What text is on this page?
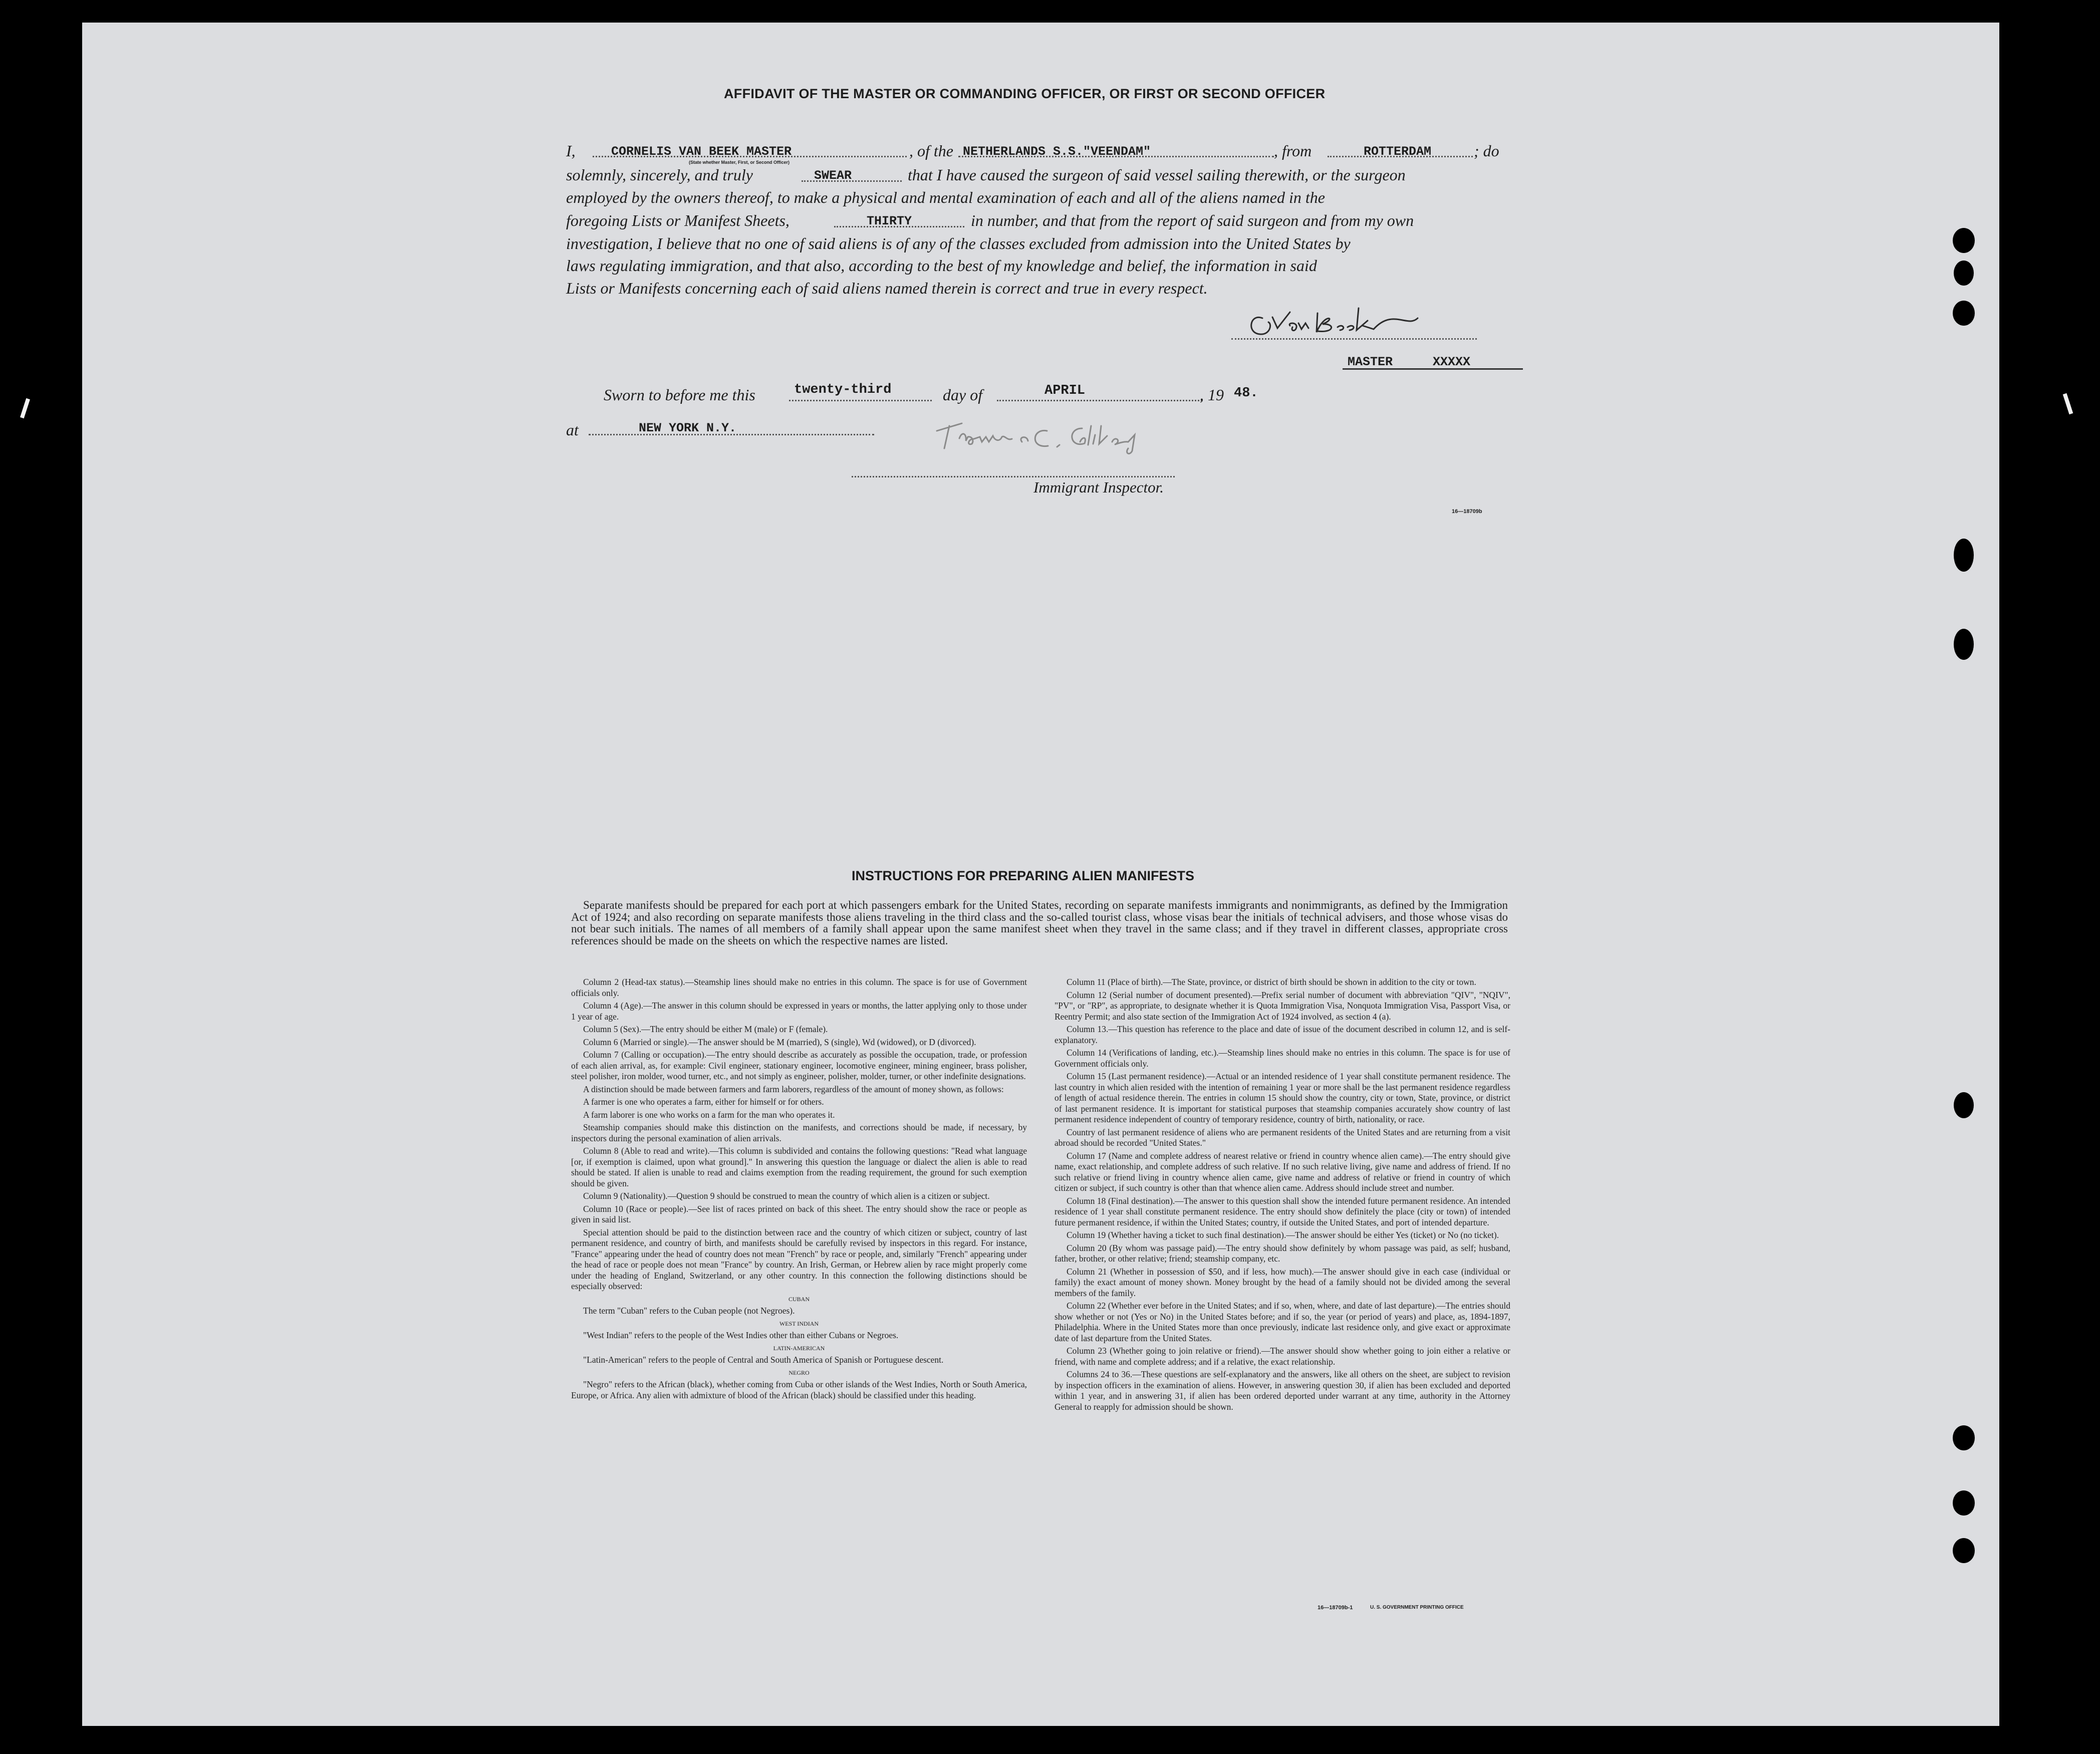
AFFIDAVIT OF THE MASTER OR COMMANDING OFFICER, OR FIRST OR SECOND OFFICER
I,	CORNELIS VAN BEEK MASTER
(State whether Master, First, or Second Officer)
, of the NETHERLANDS S.S."VEENDAM"	, from	ROTTERDAM	; do
solemnly, sincerely, and truly	SWEAR	that I have caused the surgeon of said vessel sailing therewith, or the surgeon
employed by the owners thereof, to make a physical and mental examination of each and all of the aliens named in the
foregoing Lists or Manifest Sheets,	THIRTY	in number, and that from the report of said surgeon and from my own
investigation, I believe that no one of said aliens is of any of the classes excluded from admission into the United States by
laws regulating immigration, and that also, according to the best of my knowledge and belief, the information in said
Lists or Manifests concerning each of said aliens named therein is correct and true in every respect.
MASTER	XXXXX
Sworn to before me this	twenty-third	day of	APRIL	, 19 48.
at	NEW YORK N.Y.
Immigrant Inspector.
16—18709b
INSTRUCTIONS FOR PREPARING ALIEN MANIFESTS

Separate manifests should be prepared for each port at which passengers embark for the United States, recording on separate manifests immigrants and nonimmigrants, as defined by the Immigration Act of 1924; and also recording on separate manifests those aliens traveling in the third class and the so-called tourist class, whose visas bear the initials of technical advisers, and those whose visas do not bear such initials. The names of all members of a family shall appear upon the same manifest sheet when they travel in the same class; and if they travel in different classes, appropriate cross references should be made on the sheets on which the respective names are listed.

Column 2 (Head-tax status).—Steamship lines should make no entries in this column. The space is for use of Government officials only.

Column 4 (Age).—The answer in this column should be expressed in years or months, the latter applying only to those under 1 year of age.

Column 5 (Sex).—The entry should be either M (male) or F (female).

Column 6 (Married or single).—The answer should be M (married), S (single), Wd (widowed), or D (divorced).

Column 7 (Calling or occupation).—The entry should describe as accurately as possible the occupation, trade, or profession of each alien arrival, as, for example: Civil engineer, stationary engineer, locomotive engineer, mining engineer, brass polisher, steel polisher, iron molder, wood turner, etc., and not simply as engineer, polisher, molder, turner, or other indefinite designations.

A distinction should be made between farmers and farm laborers, regardless of the amount of money shown, as follows:

A farmer is one who operates a farm, either for himself or for others.

A farm laborer is one who works on a farm for the man who operates it.

Steamship companies should make this distinction on the manifests, and corrections should be made, if necessary, by inspectors during the personal examination of alien arrivals.

Column 8 (Able to read and write).—This column is subdivided and contains the following questions: "Read what language [or, if exemption is claimed, upon what ground]." In answering this question the language or dialect the alien is able to read should be stated. If alien is unable to read and claims exemption from the reading requirement, the ground for such exemption should be given.

Column 9 (Nationality).—Question 9 should be construed to mean the country of which alien is a citizen or subject.

Column 10 (Race or people).—See list of races printed on back of this sheet. The entry should show the race or people as given in said list.

Special attention should be paid to the distinction between race and the country of which citizen or subject, country of last permanent residence, and country of birth, and manifests should be carefully revised by inspectors in this regard. For instance, "France" appearing under the head of country does not mean "French" by race or people, and, similarly "French" appearing under the head of race or people does not mean "France" by country. An Irish, German, or Hebrew alien by race might properly come under the heading of England, Switzerland, or any other country. In this connection the following distinctions should be especially observed:

CUBAN

The term "Cuban" refers to the Cuban people (not Negroes).

WEST INDIAN

"West Indian" refers to the people of the West Indies other than either Cubans or Negroes.

LATIN-AMERICAN

"Latin-American" refers to the people of Central and South America of Spanish or Portuguese descent.

NEGRO

"Negro" refers to the African (black), whether coming from Cuba or other islands of the West Indies, North or South America, Europe, or Africa. Any alien with admixture of blood of the African (black) should be classified under this heading.

Column 11 (Place of birth).—The State, province, or district of birth should be shown in addition to the city or town.

Column 12 (Serial number of document presented).—Prefix serial number of document with abbreviation "QIV", "NQIV", "PV", or "RP", as appropriate, to designate whether it is Quota Immigration Visa, Nonquota Immigration Visa, Passport Visa, or Reentry Permit; and also state section of the Immigration Act of 1924 involved, as section 4 (a).

Column 13.—This question has reference to the place and date of issue of the document described in column 12, and is self-explanatory.

Column 14 (Verifications of landing, etc.).—Steamship lines should make no entries in this column. The space is for use of Government officials only.

Column 15 (Last permanent residence).—Actual or an intended residence of 1 year shall constitute permanent residence. The last country in which alien resided with the intention of remaining 1 year or more shall be the last permanent residence regardless of length of actual residence therein. The entries in column 15 should show the country, city or town, State, province, or district of last permanent residence. It is important for statistical purposes that steamship companies accurately show country of last permanent residence independent of country of temporary residence, country of birth, nationality, or race.

Country of last permanent residence of aliens who are permanent residents of the United States and are returning from a visit abroad should be recorded "United States."

Column 17 (Name and complete address of nearest relative or friend in country whence alien came).—The entry should give name, exact relationship, and complete address of such relative. If no such relative living, give name and address of friend. If no such relative or friend living in country whence alien came, give name and address of relative or friend in country of which citizen or subject, if such country is other than that whence alien came. Address should include street and number.

Column 18 (Final destination).—The answer to this question shall show the intended future permanent residence. An intended residence of 1 year shall constitute permanent residence. The entry should show definitely the place (city or town) of intended future permanent residence, if within the United States; country, if outside the United States, and port of intended departure.

Column 19 (Whether having a ticket to such final destination).—The answer should be either Yes (ticket) or No (no ticket).

Column 20 (By whom was passage paid).—The entry should show definitely by whom passage was paid, as self; husband, father, brother, or other relative; friend; steamship company, etc.

Column 21 (Whether in possession of $50, and if less, how much).—The answer should give in each case (individual or family) the exact amount of money shown. Money brought by the head of a family should not be divided among the several members of the family.

Column 22 (Whether ever before in the United States; and if so, when, where, and date of last departure).—The entries should show whether or not (Yes or No) in the United States before; and if so, the year (or period of years) and place, as, 1894-1897, Philadelphia. Where in the United States more than once previously, indicate last residence only, and give exact or approximate date of last departure from the United States.

Column 23 (Whether going to join relative or friend).—The answer should show whether going to join either a relative or friend, with name and complete address; and if a relative, the exact relationship.

Columns 24 to 36.—These questions are self-explanatory and the answers, like all others on the sheet, are subject to revision by inspection officers in the examination of aliens. However, in answering question 30, if alien has been excluded and deported within 1 year, and in answering 31, if alien has been ordered deported under warrant at any time, authority in the Attorney General to reapply for admission should be shown.

16—18709b-1	U. S. GOVERNMENT PRINTING OFFICE
